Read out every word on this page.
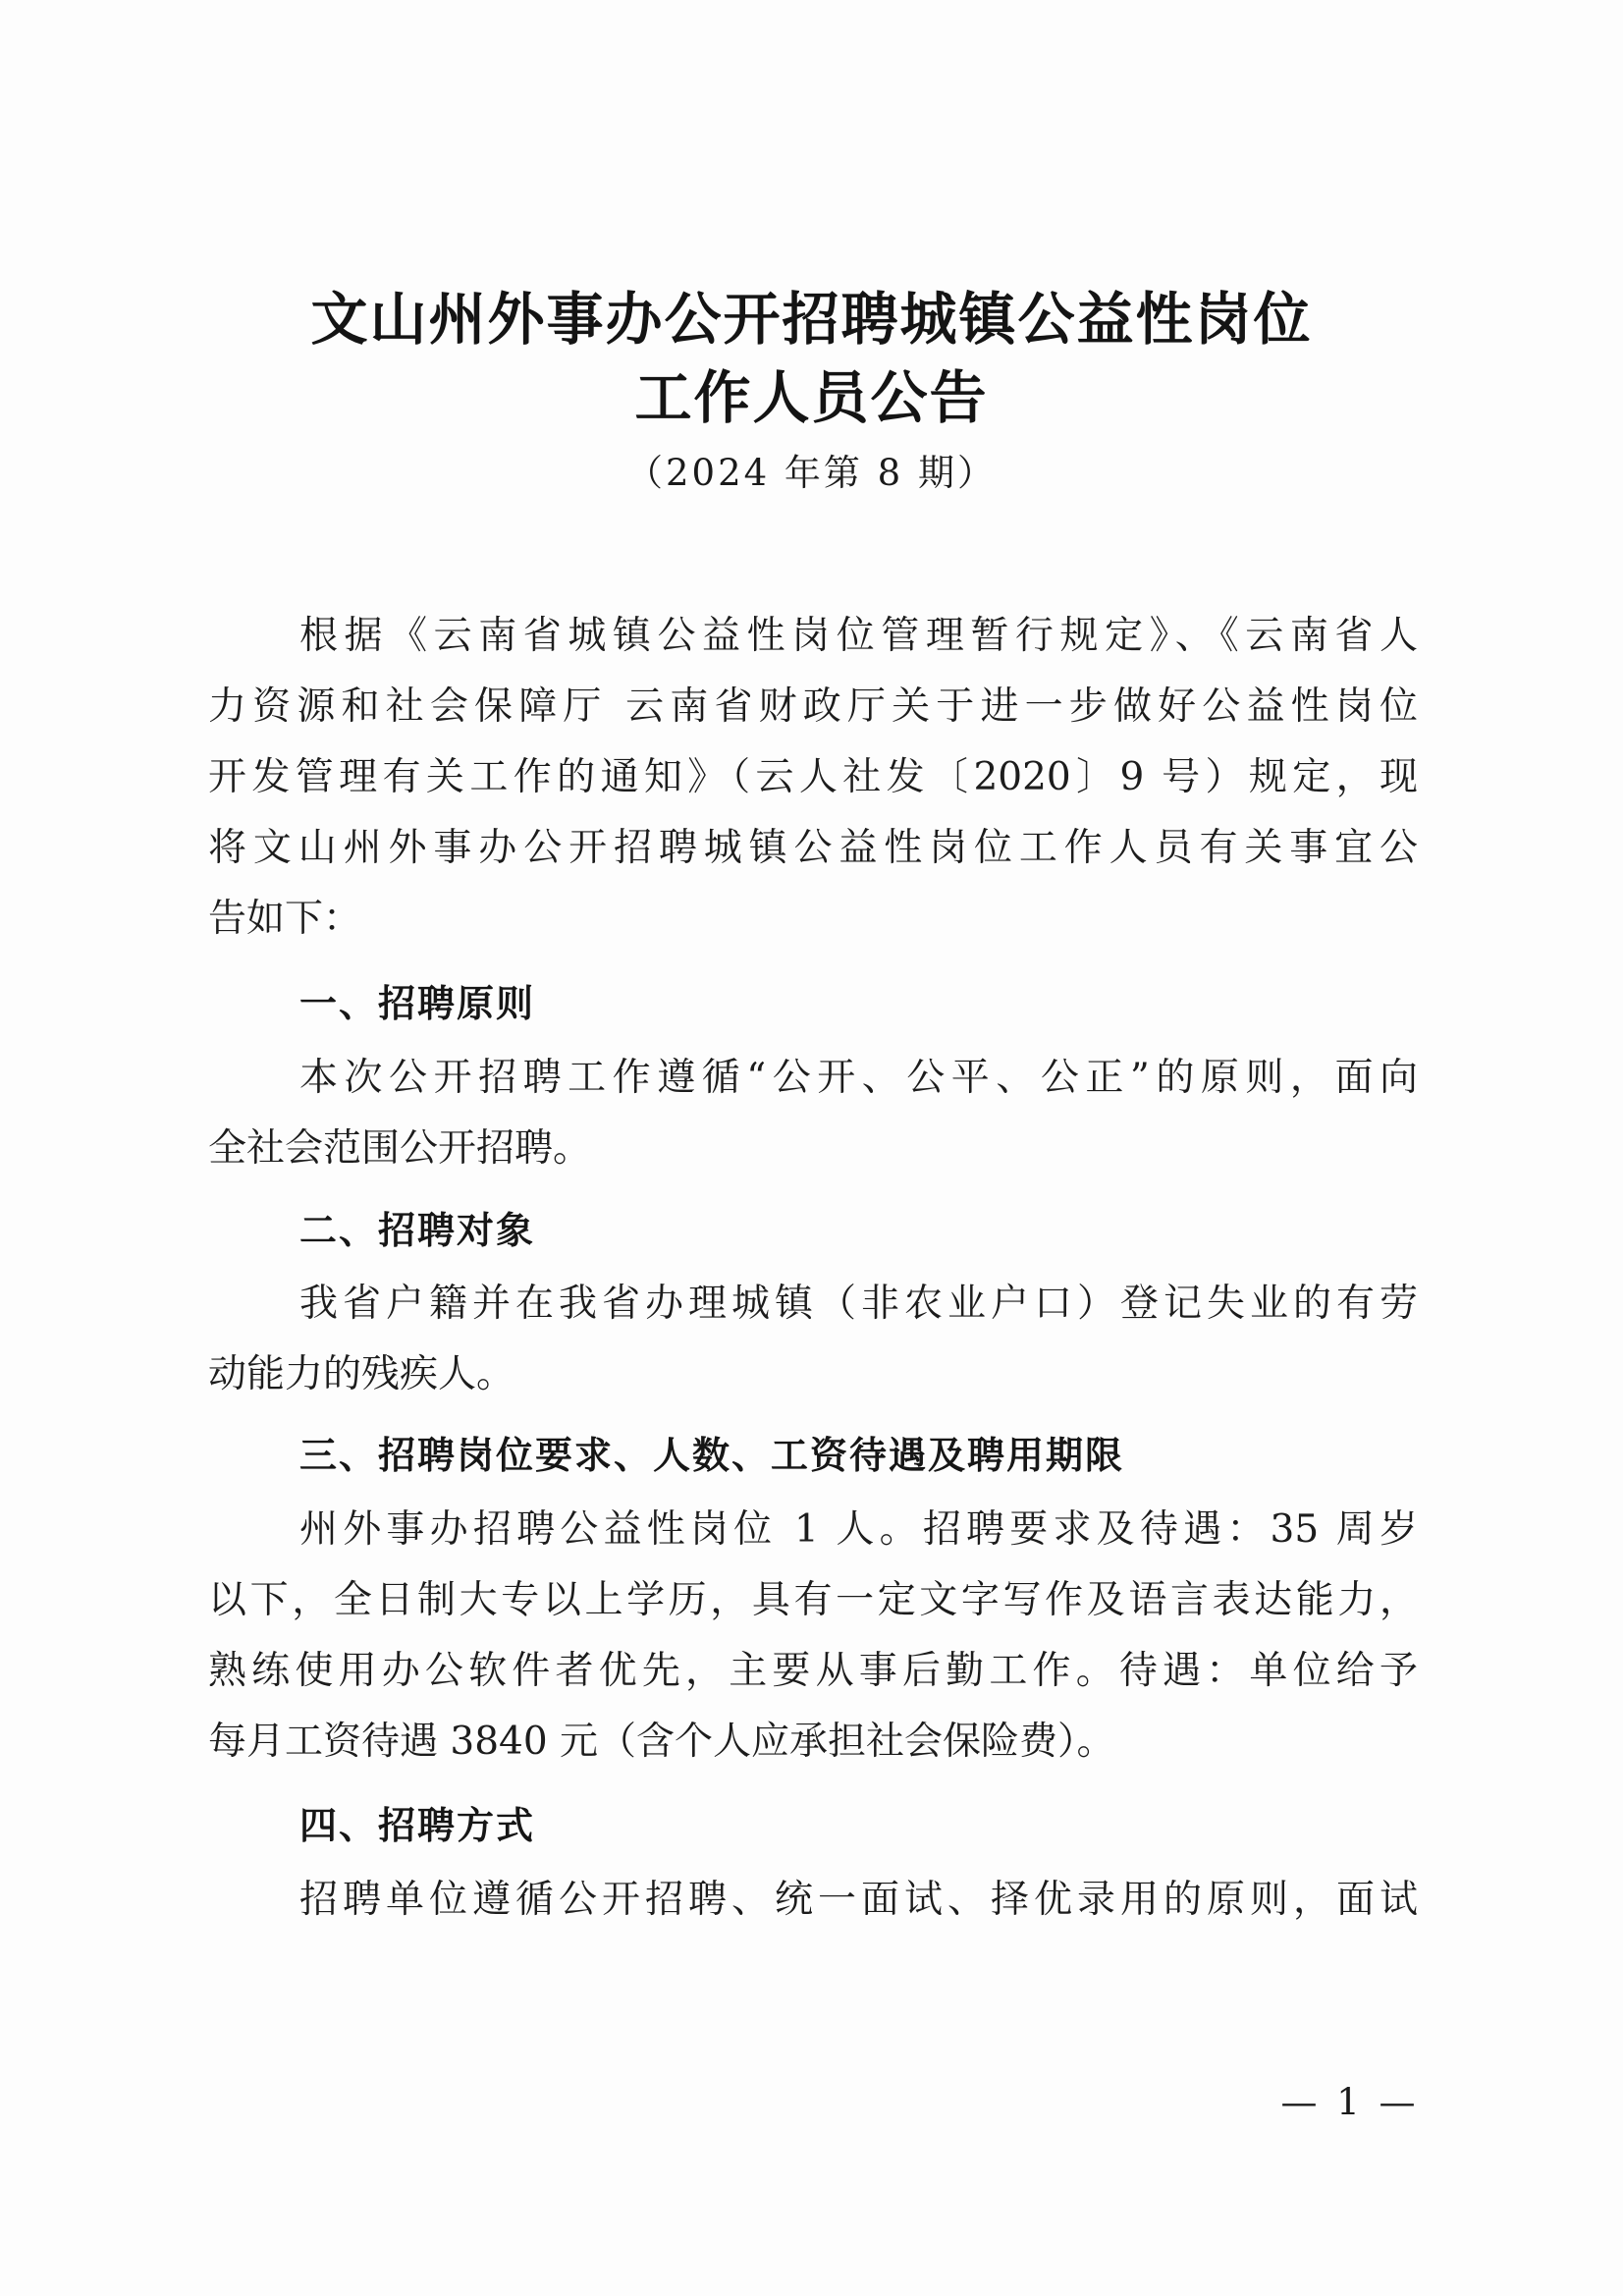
文山州外事办公开招聘城镇公益性岗位
工作人员公告
（2024 年第 8 期）
根据《云南省城镇公益性岗位管理暂行规定》、《云南省人
力资源和社会保障厅 云南省财政厅关于进一步做好公益性岗位
开发管理有关工作的通知》（云人社发〔2020〕9 号）规定，现
将文山州外事办公开招聘城镇公益性岗位工作人员有关事宜公
告如下：
一、招聘原则
本次公开招聘工作遵循“公开、公平、公正”的原则，面向
全社会范围公开招聘。
二、招聘对象
我省户籍并在我省办理城镇（非农业户口）登记失业的有劳
动能力的残疾人。
三、招聘岗位要求、人数、工资待遇及聘用期限
州外事办招聘公益性岗位 1 人。招聘要求及待遇：35 周岁
以下，全日制大专以上学历，具有一定文字写作及语言表达能力，
熟练使用办公软件者优先，主要从事后勤工作。待遇：单位给予
每月工资待遇 3840 元（含个人应承担社会保险费）。
四、招聘方式
招聘单位遵循公开招聘、统一面试、择优录用的原则，面试
— 1 —
